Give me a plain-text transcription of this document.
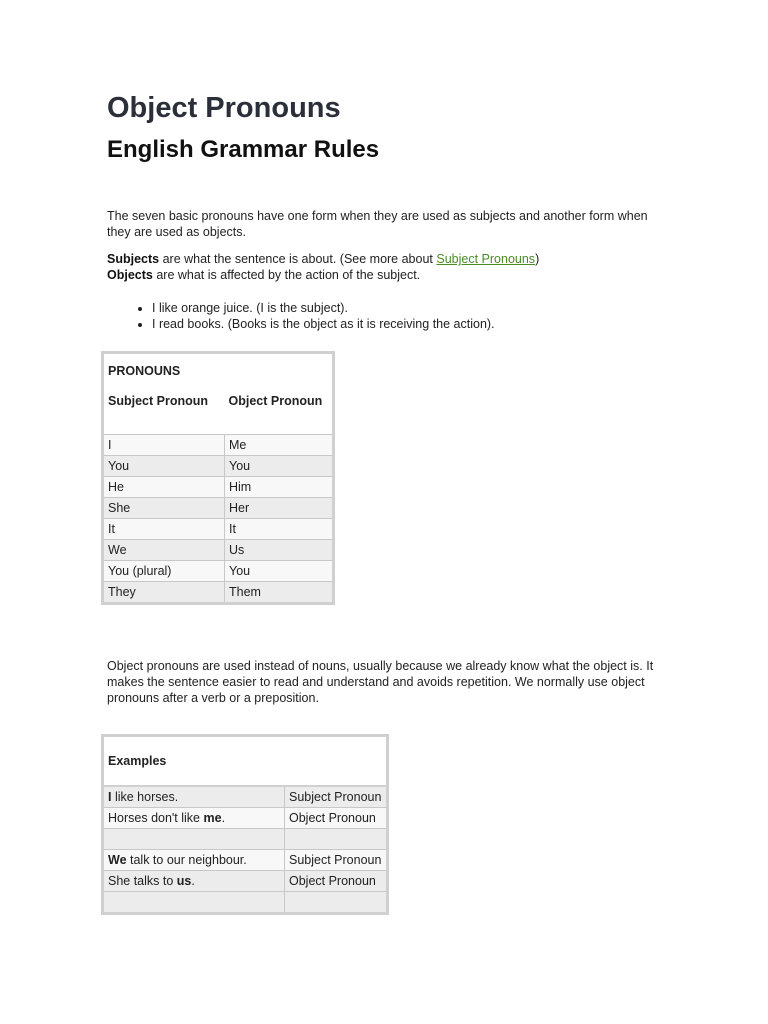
Object Pronouns
English Grammar Rules

The seven basic pronouns have one form when they are used as subjects and another form when they are used as objects.

Subjects are what the sentence is about. (See more about Subject Pronouns)
Objects are what is affected by the action of the subject.

• I like orange juice. (I is the subject).
• I read books. (Books is the object as it is receiving the action).

Object pronouns are used instead of nouns, usually because we already know what the object is. It makes the sentence easier to read and understand and avoids repetition. We normally use object pronouns after a verb or a preposition.

PRONOUNS	
Subject Pronoun	Object Pronoun
I	Me
You	You
He	Him
She	Her
It	It
We	Us
You (plural)	You
They	Them
Examples	
I like horses.	Subject Pronoun
Horses don't like me.	Object Pronoun

We talk to our neighbour.	Subject Pronoun
She talks to us.	Object Pronoun
